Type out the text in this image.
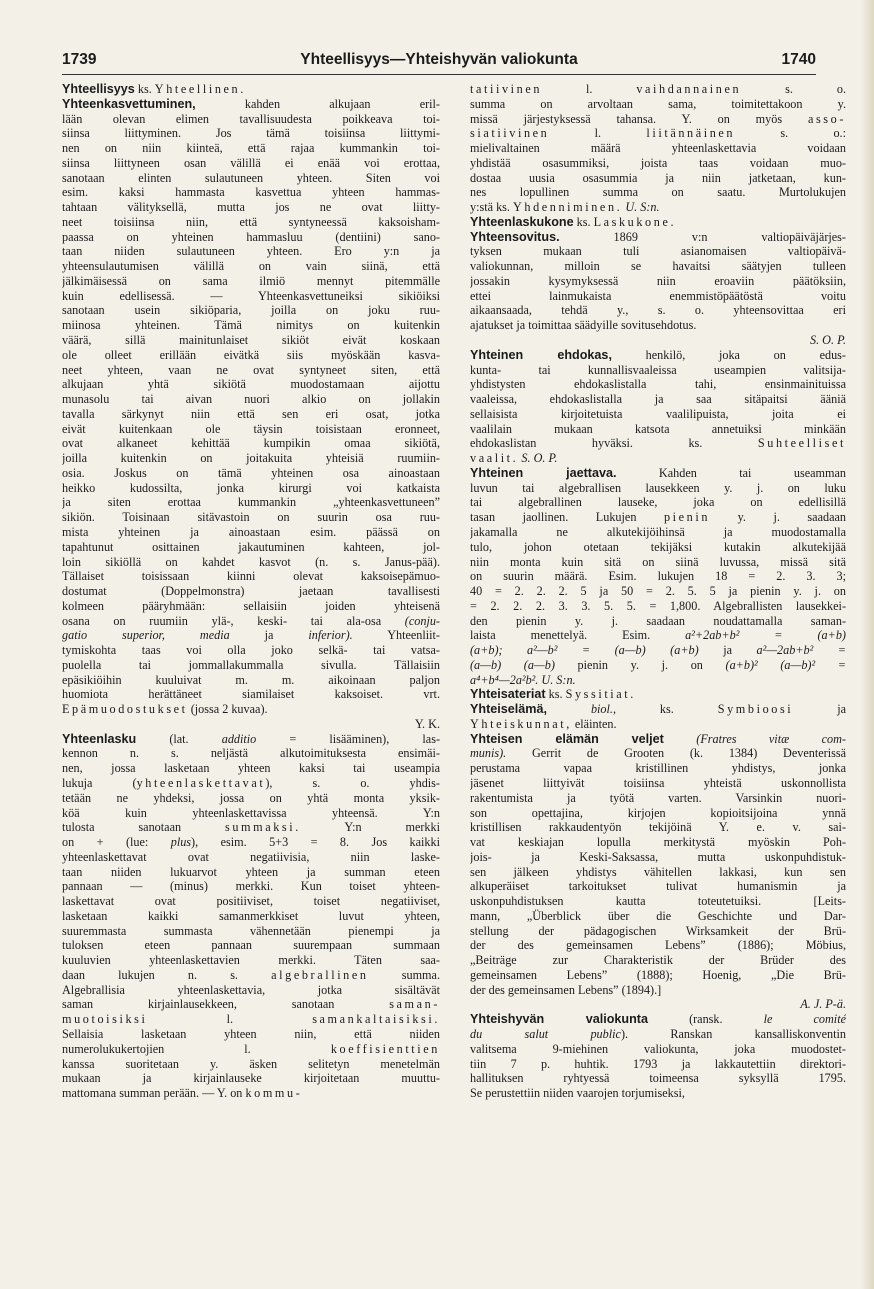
1739	Yhteellisyys—Yhteishyvän valiokunta	1740
Yhteellisyys ks. Yhteellinen.
Yhteenkasvettuminen, kahden alkujaan eril-
lään olevan elimen tavallisuudesta poikkeava toi-
siinsa liittyminen. Jos tämä toisiinsa liittymi-
nen on niin kiinteä, että rajaa kummankin toi-
siinsa liittyneen osan välillä ei enää voi erottaa,
sanotaan elinten sulautuneen yhteen. Siten voi
esim. kaksi hammasta kasvettua yhteen hammas-
tahtaan välityksellä, mutta jos ne ovat liitty-
neet toisiinsa niin, että syntyneessä kaksoisham-
paassa on yhteinen hammasluu (dentiini) sano-
taan niiden sulautuneen yhteen. Ero y:n ja
yhteensulautumisen välillä on vain siinä, että
jälkimäisessä on sama ilmiö mennyt pitemmälle
kuin edellisessä. — Yhteenkasvettuneiksi sikiöiksi
sanotaan usein sikiöparia, joilla on joku ruu-
miinosa yhteinen. Tämä nimitys on kuitenkin
väärä, sillä mainitunlaiset sikiöt eivät koskaan
ole olleet erillään eivätkä siis myöskään kasva-
neet yhteen, vaan ne ovat syntyneet siten, että
alkujaan yhtä sikiötä muodostamaan aijottu
munasolu tai aivan nuori alkio on jollakin
tavalla särkynyt niin että sen eri osat, jotka
eivät kuitenkaan ole täysin toisistaan eronneet,
ovat alkaneet kehittää kumpikin omaa sikiötä,
joilla kuitenkin on joitakuita yhteisiä ruumiin-
osia. Joskus on tämä yhteinen osa ainoastaan
heikko kudossilta, jonka kirurgi voi katkaista
ja siten erottaa kummankin „yhteenkasvettuneen”
sikiön. Toisinaan sitävastoin on suurin osa ruu-
mista yhteinen ja ainoastaan esim. päässä on
tapahtunut osittainen jakautuminen kahteen, jol-
loin sikiöllä on kahdet kasvot (n. s. Janus-pää).
Tällaiset toisissaan kiinni olevat kaksoisepämuo-
dostumat (Doppelmonstra) jaetaan tavallisesti
kolmeen pääryhmään: sellaisiin joiden yhteisenä
osana on ruumiin ylä-, keski- tai ala-osa (conju-
gatio superior, media ja inferior). Yhteenliit-
tymiskohta taas voi olla joko selkä- tai vatsa-
puolella tai jommallakummalla sivulla. Tällaisiin
epäsikiöihin kuuluivat m. m. aikoinaan paljon
huomiota herättäneet siamilaiset kaksoiset. vrt.
Epämuodostukset (jossa 2 kuvaa).
Y. K.
Yhteenlasku (lat. additio = lisääminen), las-
kennon n. s. neljästä alkutoimituksesta ensimäi-
nen, jossa lasketaan yhteen kaksi tai useampia
lukuja (yhteenlaskettavat), s. o. yhdis-
tetään ne yhdeksi, jossa on yhtä monta yksik-
köä kuin yhteenlaskettavissa yhteensä. Y:n
tulosta sanotaan summaksi. Y:n merkki
on + (lue: plus), esim. 5+3 = 8. Jos kaikki
yhteenlaskettavat ovat negatiivisia, niin laske-
taan niiden lukuarvot yhteen ja summan eteen
pannaan — (minus) merkki. Kun toiset yhteen-
laskettavat ovat positiiviset, toiset negatiiviset,
lasketaan kaikki samanmerkkiset luvut yhteen,
suuremmasta summasta vähennetään pienempi ja
tuloksen eteen pannaan suurempaan summaan
kuuluvien yhteenlaskettavien merkki. Täten saa-
daan lukujen n. s. algebrallinen summa.
Algebrallisia yhteenlaskettavia, jotka sisältävät
saman kirjainlausekkeen, sanotaan saman-
muotoisiksi l. samankaltaisiksi.
Sellaisia lasketaan yhteen niin, että niiden
numerolukukertojien l. koeffisienttien
kanssa suoritetaan y. äsken selitetyn menetelmän
mukaan ja kirjainlauseke kirjoitetaan muuttu-
mattomana summan perään. — Y. on kommu-
tatiivinen l. vaihdannainen s. o.
summa on arvoltaan sama, toimitettakoon y.
missä järjestyksessä tahansa. Y. on myös asso-
siatiivinen l. liitännäinen s. o.:
mielivaltainen määrä yhteenlaskettavia voidaan
yhdistää osasummiksi, joista taas voidaan muo-
dostaa uusia osasummia ja niin jatketaan, kun-
nes lopullinen summa on saatu. Murtolukujen
y:stä ks. Yhdenniminen. U. S:n.
Yhteenlaskukone ks. Laskukone.
Yhteensovitus. 1869 v:n valtiopäiväjärjes-
tyksen mukaan tuli asianomaisen valtiopäivä-
valiokunnan, milloin se havaitsi säätyjen tulleen
jossakin kysymyksessä niin eroaviin päätöksiin,
ettei lainmukaista enemmistöpäätöstä voitu
aikaansaada, tehdä y., s. o. yhteensovittaa eri
ajatukset ja toimittaa säädyille sovitusehdotus.
S. O. P.
Yhteinen ehdokas, henkilö, joka on edus-
kunta- tai kunnallisvaaleissa useampien valitsija-
yhdistysten ehdokaslistalla tahi, ensinmainituissa
vaaleissa, ehdokaslistalla ja saa sitäpaitsi ääniä
sellaisista kirjoitetuista vaalilipuista, joita ei
vaalilain mukaan katsota annetuiksi minkään
ehdokaslistan hyväksi. ks. Suhteelliset
vaalit. S. O. P.
Yhteinen jaettava. Kahden tai useamman
luvun tai algebrallisen lausekkeen y. j. on luku
tai algebrallinen lauseke, joka on edellisillä
tasan jaollinen. Lukujen pienin y. j. saadaan
jakamalla ne alkutekijöihinsä ja muodostamalla
tulo, johon otetaan tekijäksi kutakin alkutekijää
niin monta kuin sitä on siinä luvussa, missä sitä
on suurin määrä. Esim. lukujen 18 = 2. 3. 3;
40 = 2. 2. 2. 5 ja 50 = 2. 5. 5 ja pienin y. j. on
= 2. 2. 2. 3. 3. 5. 5. = 1,800. Algebrallisten lausekkei-
den pienin y. j. saadaan noudattamalla saman-
laista menettelyä. Esim. a²+2ab+b² = (a+b)
(a+b); a²—b² = (a—b) (a+b) ja a²—2ab+b² =
(a—b) (a—b) pienin y. j. on (a+b)² (a—b)² =
a⁴+b⁴—2a²b². U. S:n.
Yhteisateriat ks. Syssitiat.
Yhteiselämä,	biol., ks. Symbioosi ja
Yhteiskunnat, eläinten.
Yhteisen elämän veljet	(Fratres vitæ com-
munis). Gerrit de Grooten (k. 1384) Deventerissä
perustama vapaa kristillinen yhdistys, jonka
jäsenet liittyivät toisiinsa yhteistä uskonnollista
rakentumista ja työtä varten. Varsinkin nuori-
son opettajina, kirjojen kopioitsijoina ynnä
kristillisen rakkaudentyön tekijöinä Y. e. v. sai-
vat keskiajan lopulla merkitystä myöskin Poh-
jois- ja Keski-Saksassa, mutta uskonpuhdistuk-
sen jälkeen yhdistys vähitellen lakkasi, kun sen
alkuperäiset tarkoitukset tulivat humanismin ja
uskonpuhdistuksen kautta toteutetuiksi. [Leits-
mann, „Überblick über die Geschichte und Dar-
stellung der pädagogischen Wirksamkeit der Brü-
der des gemeinsamen Lebens” (1886); Möbius,
„Beiträge zur Charakteristik der Brüder des
gemeinsamen Lebens” (1888); Hoenig, „Die Brü-
der des gemeinsamen Lebens” (1894).]
A. J. P-ä.
Yhteishyvän valiokunta (ransk. le comité
du salut public). Ranskan kansalliskonventin
valitsema 9-miehinen valiokunta, joka muodostet-
tiin 7 p. huhtik. 1793 ja lakkautettiin direktori-
hallituksen ryhtyessä toimeensa syksyllä 1795.
Se perustettiin niiden vaarojen torjumiseksi,
